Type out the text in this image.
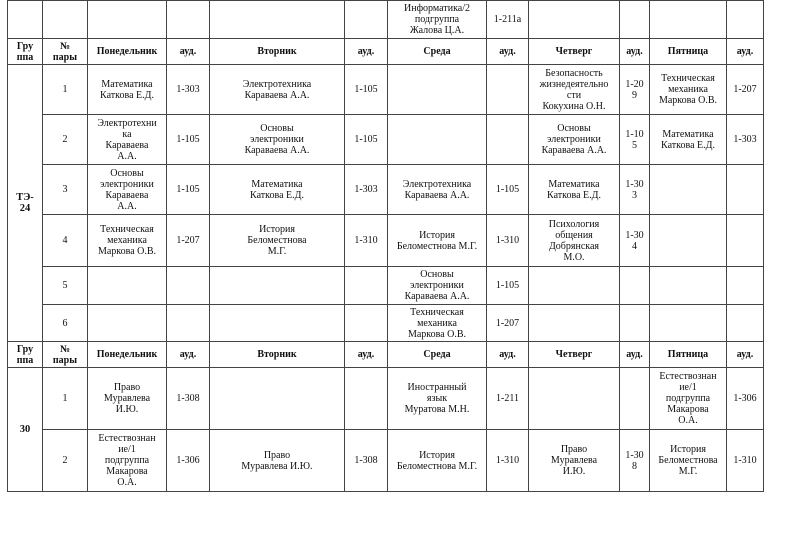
						Информатика/2
подгруппа
Жалова Ц.А.	1-211а				
Гру
ппа	№
пары	Понедельник	ауд.	Вторник	ауд.	Среда	ауд.	Четверг	ауд.	Пятница	ауд.
ТЭ-
24	1	Математика
Каткова Е.Д.	1-303	Электротехника
Караваева А.А.	1-105			Безопасность
жизнедеятельно
сти
Кокухина О.Н.	1-20
9	Техническая
механика
Маркова О.В.	1-207
	2	Электротехни
ка
Караваева
А.А.	1-105	Основы
электроники
Караваева А.А.	1-105			Основы
электроники
Караваева А.А.	1-10
5	Математика
Каткова Е.Д.	1-303
	3	Основы
электроники
Караваева
А.А.	1-105	Математика
Каткова Е.Д.	1-303	Электротехника
Караваева А.А.	1-105	Математика
Каткова Е.Д.	1-30
3		
	4	Техническая
механика
Маркова О.В.	1-207	История
Беломестнова
М.Г.	1-310	История
Беломестнова М.Г.	1-310	Психология
общения
Добрянская
М.О.	1-30
4		
	5					Основы
электроники
Караваева А.А.	1-105				
	6					Техническая
механика
Маркова О.В.	1-207				
Гру
ппа	№
пары	Понедельник	ауд.	Вторник	ауд.	Среда	ауд.	Четверг	ауд.	Пятница	ауд.
30	1	Право
Муравлева
И.Ю.	1-308			Иностранный
язык
Муратова М.Н.	1-211			Естествознан
ие/1
подгруппа
Макарова
О.А.	1-306
	2	Естествознан
ие/1
подгруппа
Макарова
О.А.	1-306	Право
Муравлева И.Ю.	1-308	История
Беломестнова М.Г.	1-310	Право
Муравлева
И.Ю.	1-30
8	История
Беломестнова
М.Г.	1-310
